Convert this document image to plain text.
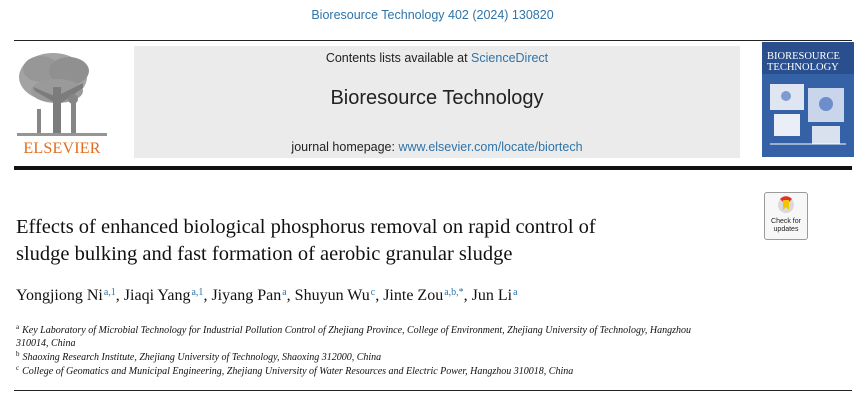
Bioresource Technology 402 (2024) 130820
ELSEVIER
Contents lists available at ScienceDirect
Bioresource Technology
journal homepage: www.elsevier.com/locate/biortech
BIORESOURCE
TECHNOLOGY
Check for
updates
Effects of enhanced biological phosphorus removal on rapid control of
sludge bulking and fast formation of aerobic granular sludge
Yongjiong Ni$^{a,1}$, Jiaqi Yang$^{a,1}$, Jiyang Pan$^a$, Shuyun Wu$^c$, Jinte Zou$^{a,b,*}$, Jun Li$^a$
$^a$ Key Laboratory of Microbial Technology for Industrial Pollution Control of Zhejiang Province, College of Environment, Zhejiang University of Technology, Hangzhou
310014, China
$^b$ Shaoxing Research Institute, Zhejiang University of Technology, Shaoxing 312000, China
$^c$ College of Geomatics and Municipal Engineering, Zhejiang University of Water Resources and Electric Power, Hangzhou 310018, China
